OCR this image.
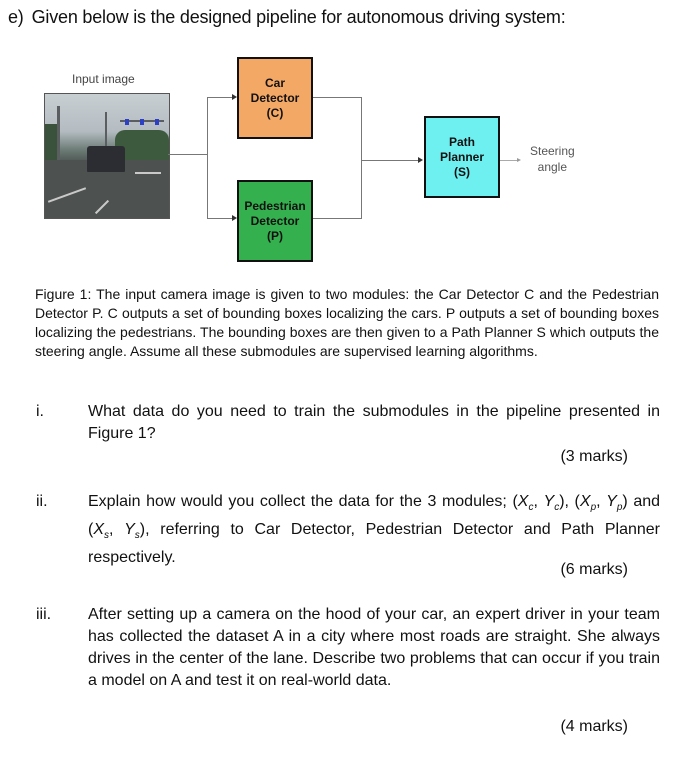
e) Given below is the designed pipeline for autonomous driving system:
Input image	Car
Detector
(C)
Pedestrian
Detector
(P)
Path
Planner
(S)
Steering
angle
Figure 1: The input camera image is given to two modules: the Car Detector C and the Pedestrian Detector P. C outputs a set of bounding boxes localizing the cars. P outputs a set of bounding boxes localizing the pedestrians. The bounding boxes are then given to a Path Planner S which outputs the steering angle. Assume all these submodules are supervised learning algorithms.
i.	What data do you need to train the submodules in the pipeline presented in Figure 1?
(3 marks)
ii.	Explain how would you collect the data for the 3 modules; ($X_c$, $Y_c$), ($X_p$, $Y_p$) and ($X_s$, $Y_s$), referring to Car Detector, Pedestrian Detector and Path Planner respectively.
(6 marks)
iii.	After setting up a camera on the hood of your car, an expert driver in your team has collected the dataset A in a city where most roads are straight. She always drives in the center of the lane. Describe two problems that can occur if you train a model on A and test it on real-world data.
(4 marks)
